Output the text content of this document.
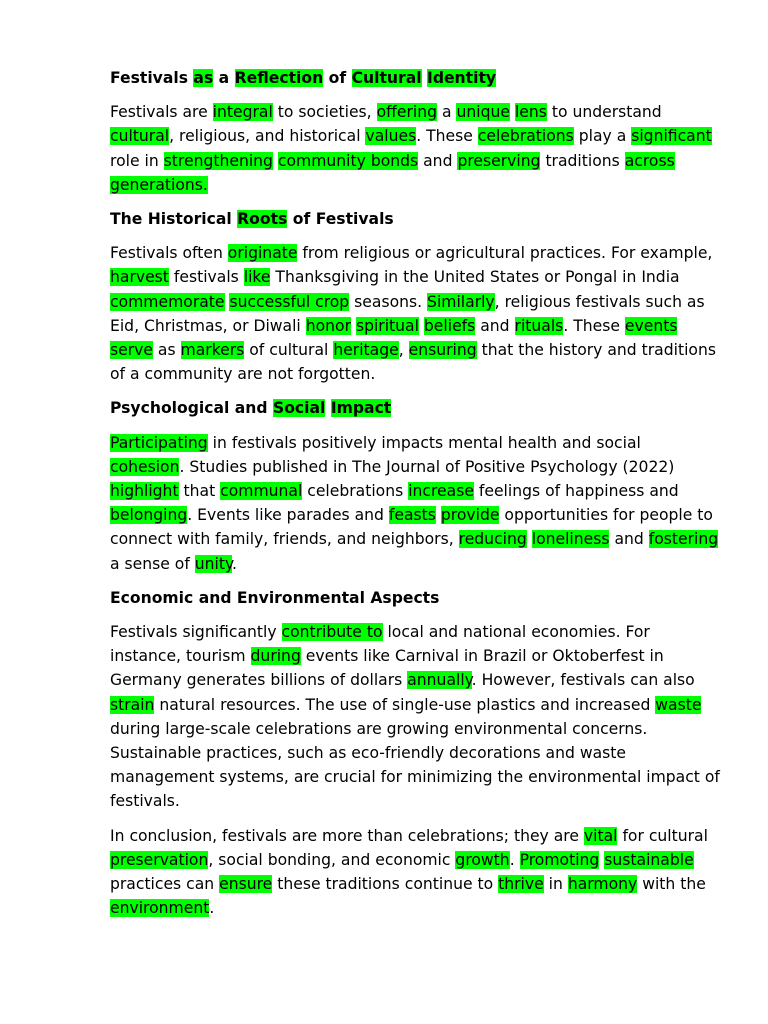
Festivals as a Reflection of Cultural Identity

Festivals are integral to societies, offering a unique lens to understand cultural, religious, and historical values. These celebrations play a significant role in strengthening community bonds and preserving traditions across generations.

The Historical Roots of Festivals

Festivals often originate from religious or agricultural practices. For example, harvest festivals like Thanksgiving in the United States or Pongal in India commemorate successful crop seasons. Similarly, religious festivals such as Eid, Christmas, or Diwali honor spiritual beliefs and rituals. These events serve as markers of cultural heritage, ensuring that the history and traditions of a community are not forgotten.

Psychological and Social Impact

Participating in festivals positively impacts mental health and social cohesion. Studies published in The Journal of Positive Psychology (2022) highlight that communal celebrations increase feelings of happiness and belonging. Events like parades and feasts provide opportunities for people to connect with family, friends, and neighbors, reducing loneliness and fostering a sense of unity.

Economic and Environmental Aspects

Festivals significantly contribute to local and national economies. For instance, tourism during events like Carnival in Brazil or Oktoberfest in Germany generates billions of dollars annually. However, festivals can also strain natural resources. The use of single-use plastics and increased waste during large-scale celebrations are growing environmental concerns. Sustainable practices, such as eco-friendly decorations and waste management systems, are crucial for minimizing the environmental impact of festivals.

In conclusion, festivals are more than celebrations; they are vital for cultural preservation, social bonding, and economic growth. Promoting sustainable practices can ensure these traditions continue to thrive in harmony with the environment.
